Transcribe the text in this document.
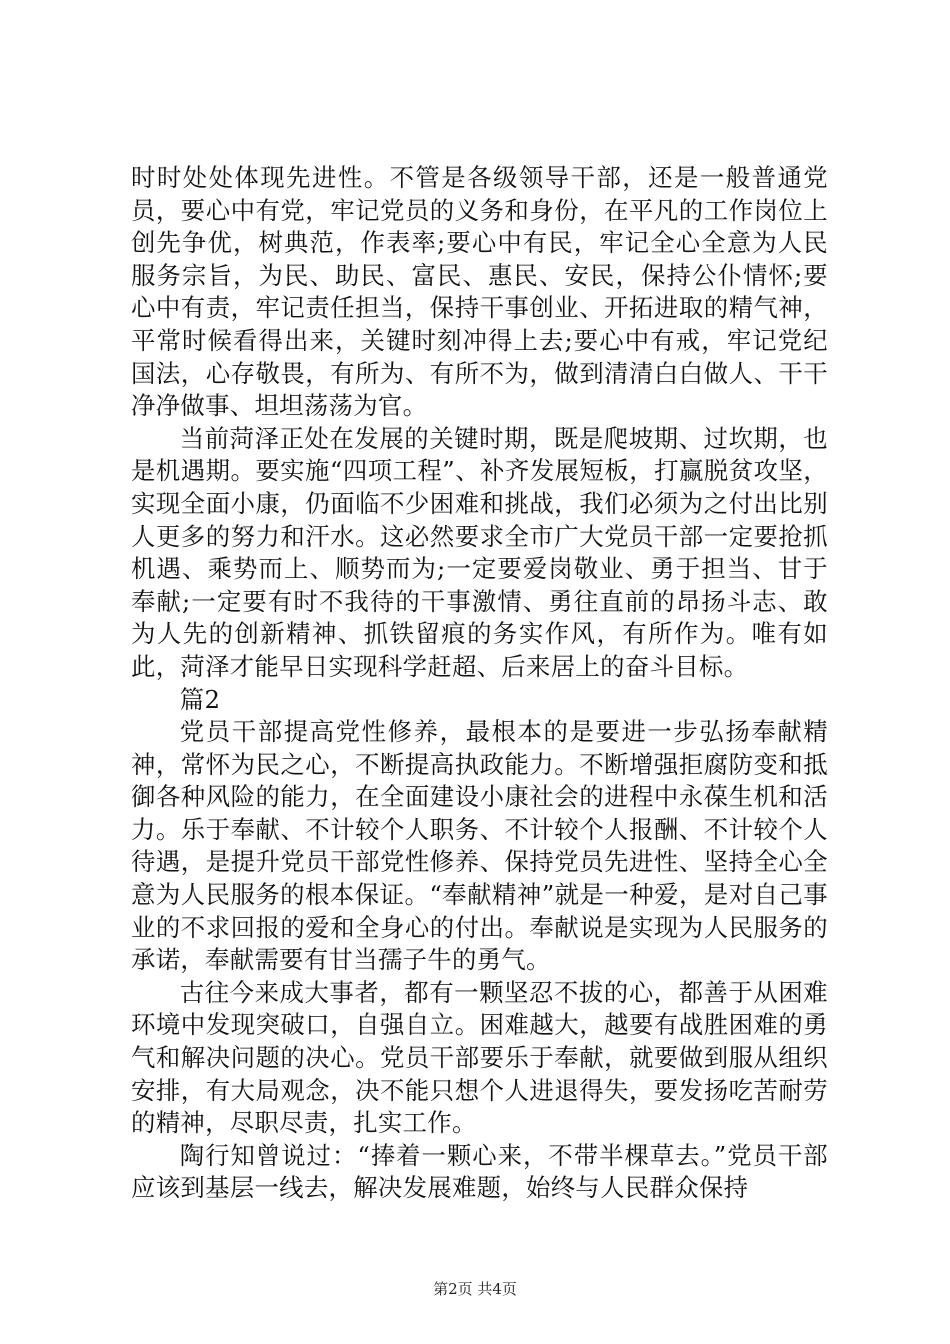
时时处处体现先进性。不管是各级领导干部，还是一般普通党员，要心中有党，牢记党员的义务和身份，在平凡的工作岗位上创先争优，树典范，作表率;要心中有民，牢记全心全意为人民服务宗旨，为民、助民、富民、惠民、安民，保持公仆情怀;要心中有责，牢记责任担当，保持干事创业、开拓进取的精气神，平常时候看得出来，关键时刻冲得上去;要心中有戒，牢记党纪国法，心存敬畏，有所为、有所不为，做到清清白白做人、干干净净做事、坦坦荡荡为官。

当前菏泽正处在发展的关键时期，既是爬坡期、过坎期，也是机遇期。要实施“四项工程”、补齐发展短板，打赢脱贫攻坚，实现全面小康，仍面临不少困难和挑战，我们必须为之付出比别人更多的努力和汗水。这必然要求全市广大党员干部一定要抢抓机遇、乘势而上、顺势而为;一定要爱岗敬业、勇于担当、甘于奉献;一定要有时不我待的干事激情、勇往直前的昂扬斗志、敢为人先的创新精神、抓铁留痕的务实作风，有所作为。唯有如此，菏泽才能早日实现科学赶超、后来居上的奋斗目标。

篇2

党员干部提高党性修养，最根本的是要进一步弘扬奉献精神，常怀为民之心，不断提高执政能力。不断增强拒腐防变和抵御各种风险的能力，在全面建设小康社会的进程中永葆生机和活力。乐于奉献、不计较个人职务、不计较个人报酬、不计较个人待遇，是提升党员干部党性修养、保持党员先进性、坚持全心全意为人民服务的根本保证。“奉献精神”就是一种爱，是对自己事业的不求回报的爱和全身心的付出。奉献说是实现为人民服务的承诺，奉献需要有甘当孺子牛的勇气。

古往今来成大事者，都有一颗坚忍不拔的心，都善于从困难环境中发现突破口，自强自立。困难越大，越要有战胜困难的勇气和解决问题的决心。党员干部要乐于奉献，就要做到服从组织安排，有大局观念，决不能只想个人进退得失，要发扬吃苦耐劳的精神，尽职尽责，扎实工作。

陶行知曾说过：“捧着一颗心来，不带半棵草去。”党员干部应该到基层一线去，解决发展难题，始终与人民群众保持

第2页 共4页
